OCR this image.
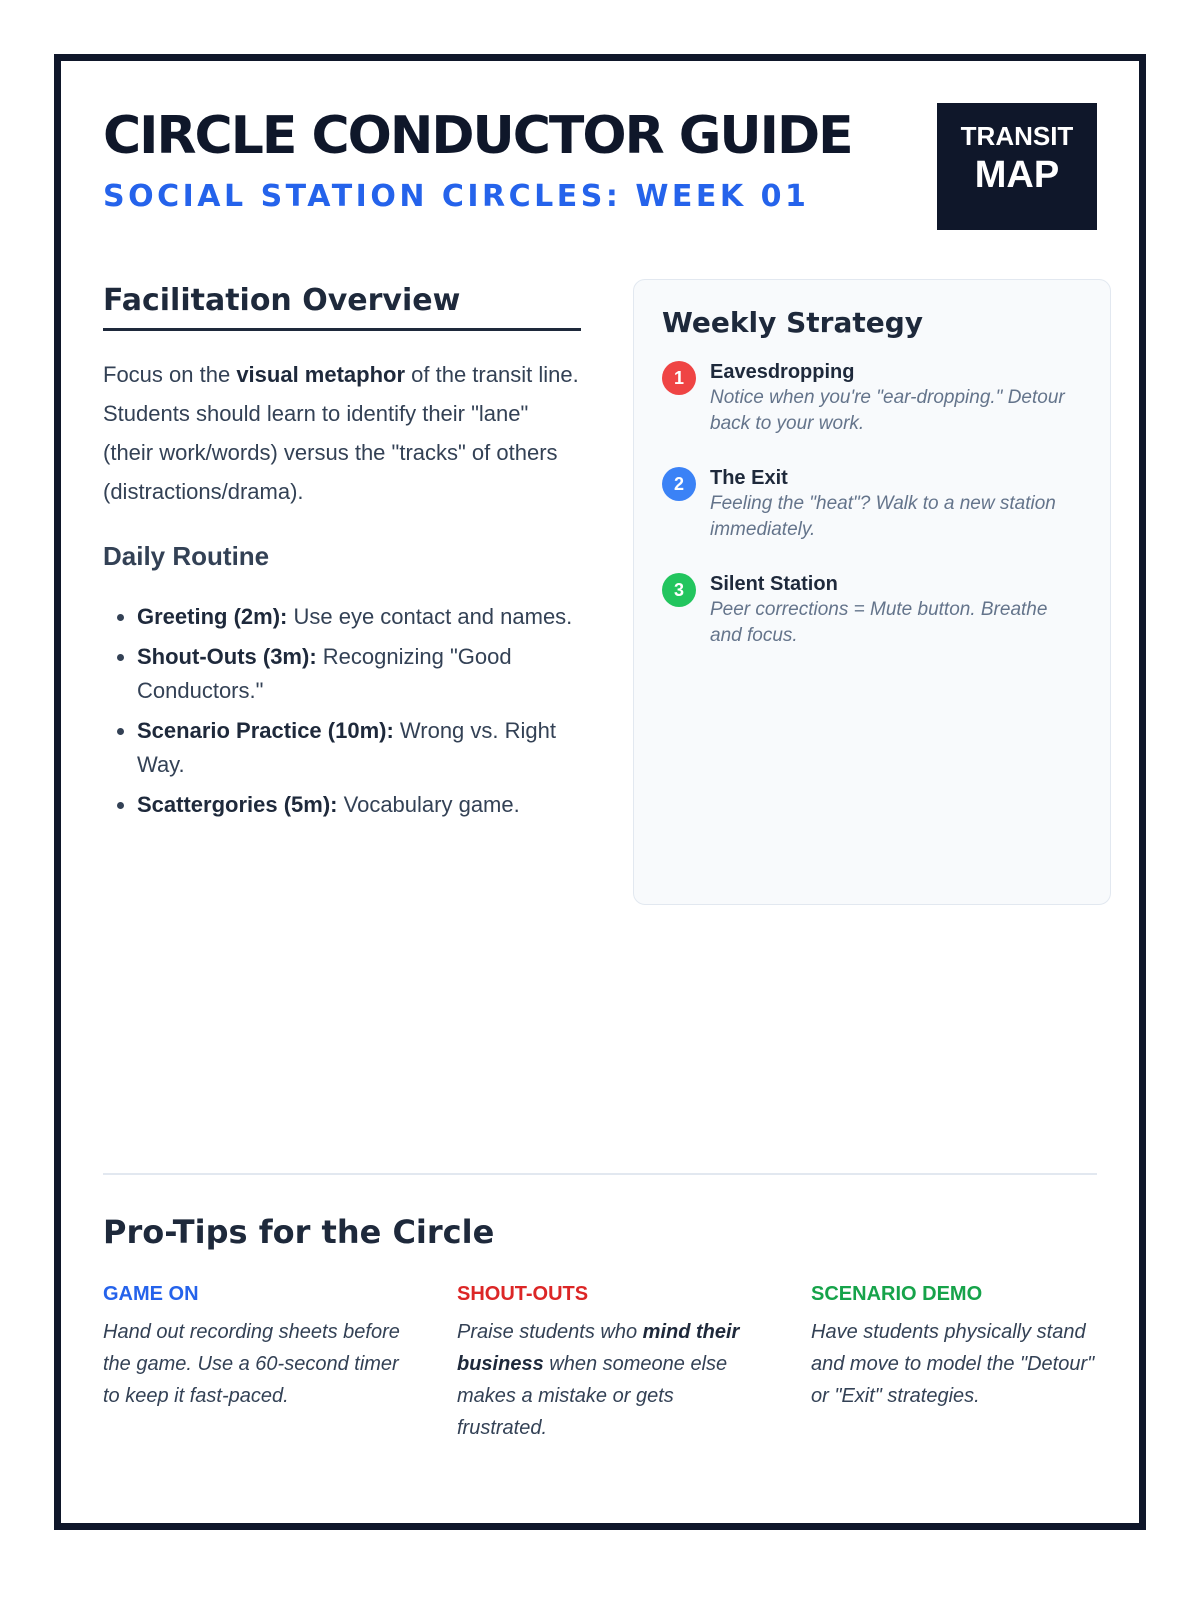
CIRCLE CONDUCTOR GUIDE
SOCIAL STATION CIRCLES: WEEK 01
TRANSIT
MAP
Facilitation Overview

Focus on the visual metaphor of the transit line. Students should learn to identify their "lane" (their work/words) versus the "tracks" of others (distractions/drama).

Daily Routine
• Greeting (2m): Use eye contact and names.
• Shout-Outs (3m): Recognizing "Good Conductors."
• Scenario Practice (10m): Wrong vs. Right Way.
• Scattergories (5m): Vocabulary game.
Weekly Strategy
1	Eavesdropping
Notice when you're "ear-dropping." Detour back to your work.
2	The Exit
Feeling the "heat"? Walk to a new station immediately.
3	Silent Station
Peer corrections = Mute button. Breathe and focus.
Pro-Tips for the Circle
GAME ON
Hand out recording sheets before the game. Use a 60-second timer to keep it fast-paced.
SHOUT-OUTS
Praise students who mind their business when someone else makes a mistake or gets frustrated.
SCENARIO DEMO
Have students physically stand and move to model the "Detour" or "Exit" strategies.
